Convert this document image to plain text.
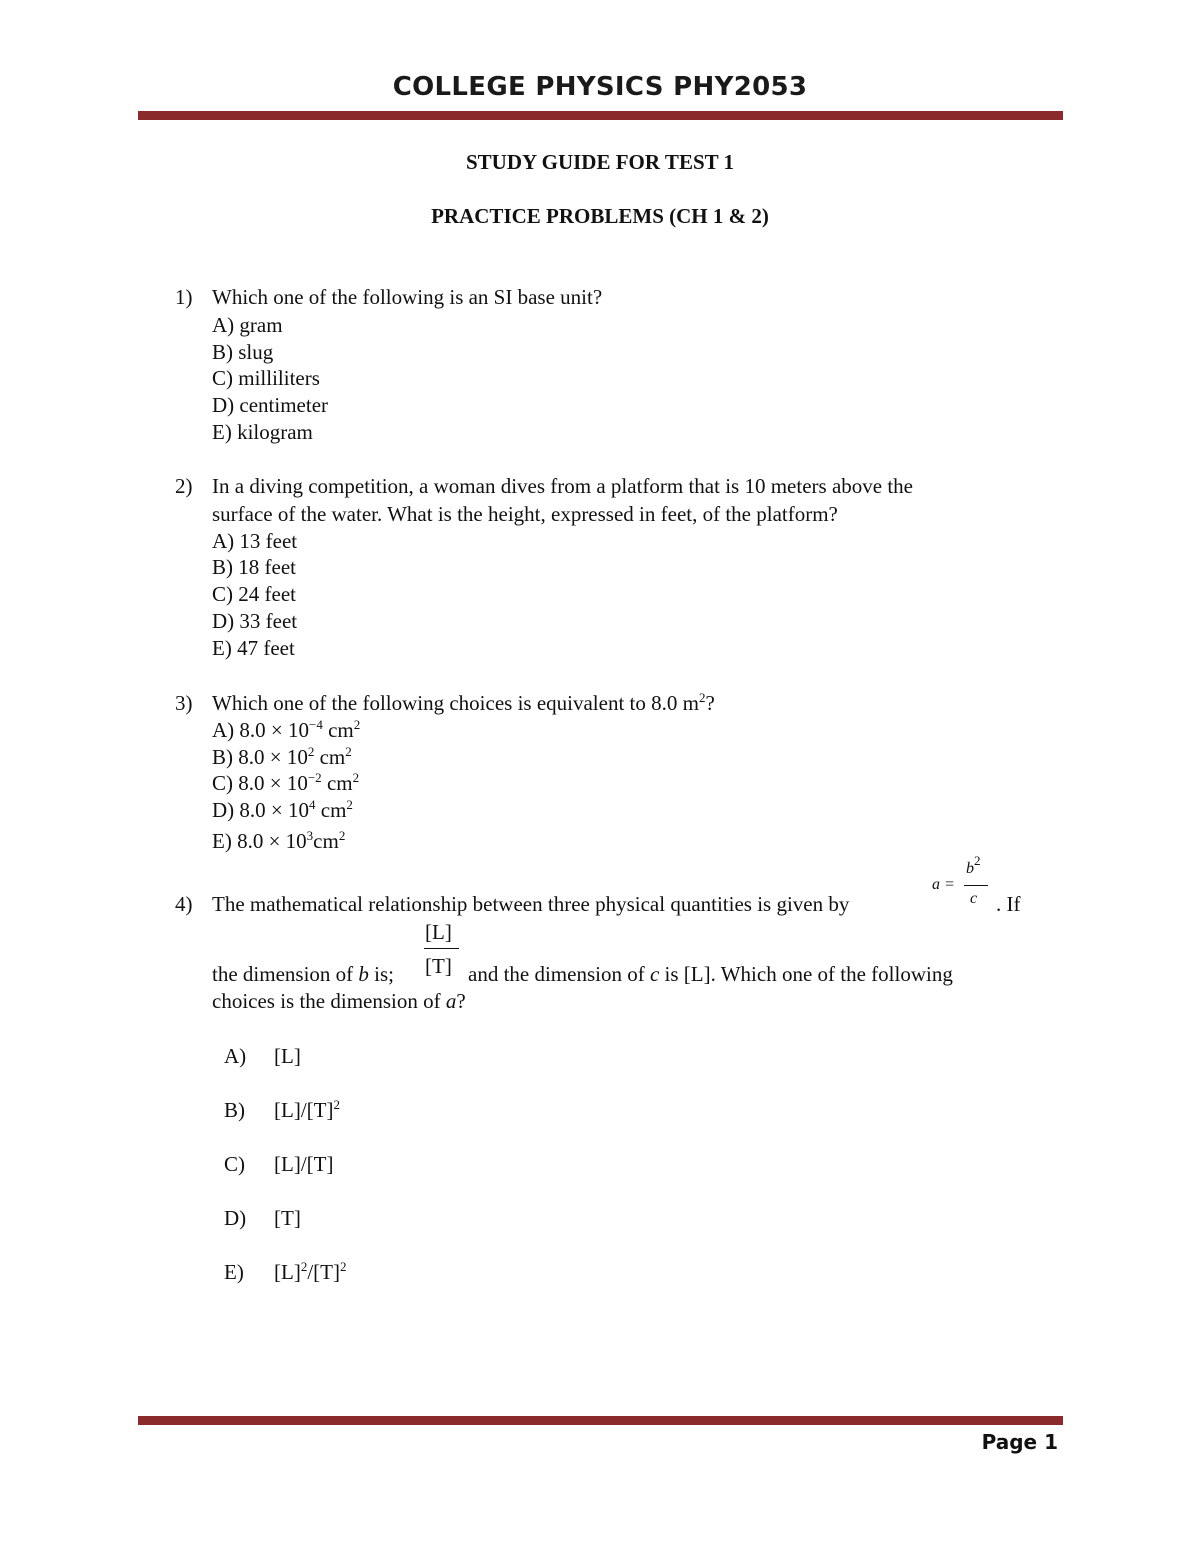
COLLEGE PHYSICS PHY2053
STUDY GUIDE FOR TEST 1
PRACTICE PROBLEMS (CH 1 & 2)
1) Which one of the following is an SI base unit?
A) gram
B) slug
C) milliliters
D) centimeter
E) kilogram
2) In a diving competition, a woman dives from a platform that is 10 meters above the
surface of the water. What is the height, expressed in feet, of the platform?
A) 13 feet
B) 18 feet
C) 24 feet
D) 33 feet
E) 47 feet
3) Which one of the following choices is equivalent to 8.0 $m^2$?
A) $8.0 \times 10^{-4}$ $cm^2$
B) $8.0 \times 10^2$ $cm^2$
C) $8.0 \times 10^{-2}$ $cm^2$
D) $8.0 \times 10^4$ $cm^2$
E) $8.0 \times 10^3cm^2$
4) The mathematical relationship between three physical quantities is given by
a =
$b^2$
c . If
[L]
[T]
the dimension of b is;	and the dimension of c is [L]. Which one of the following
choices is the dimension of a?
A) [L]
B) $[L]/[T]^2$
C) [L]/[T]
D) [T]
E) $[L]^2/[T]^2$
Page 1
